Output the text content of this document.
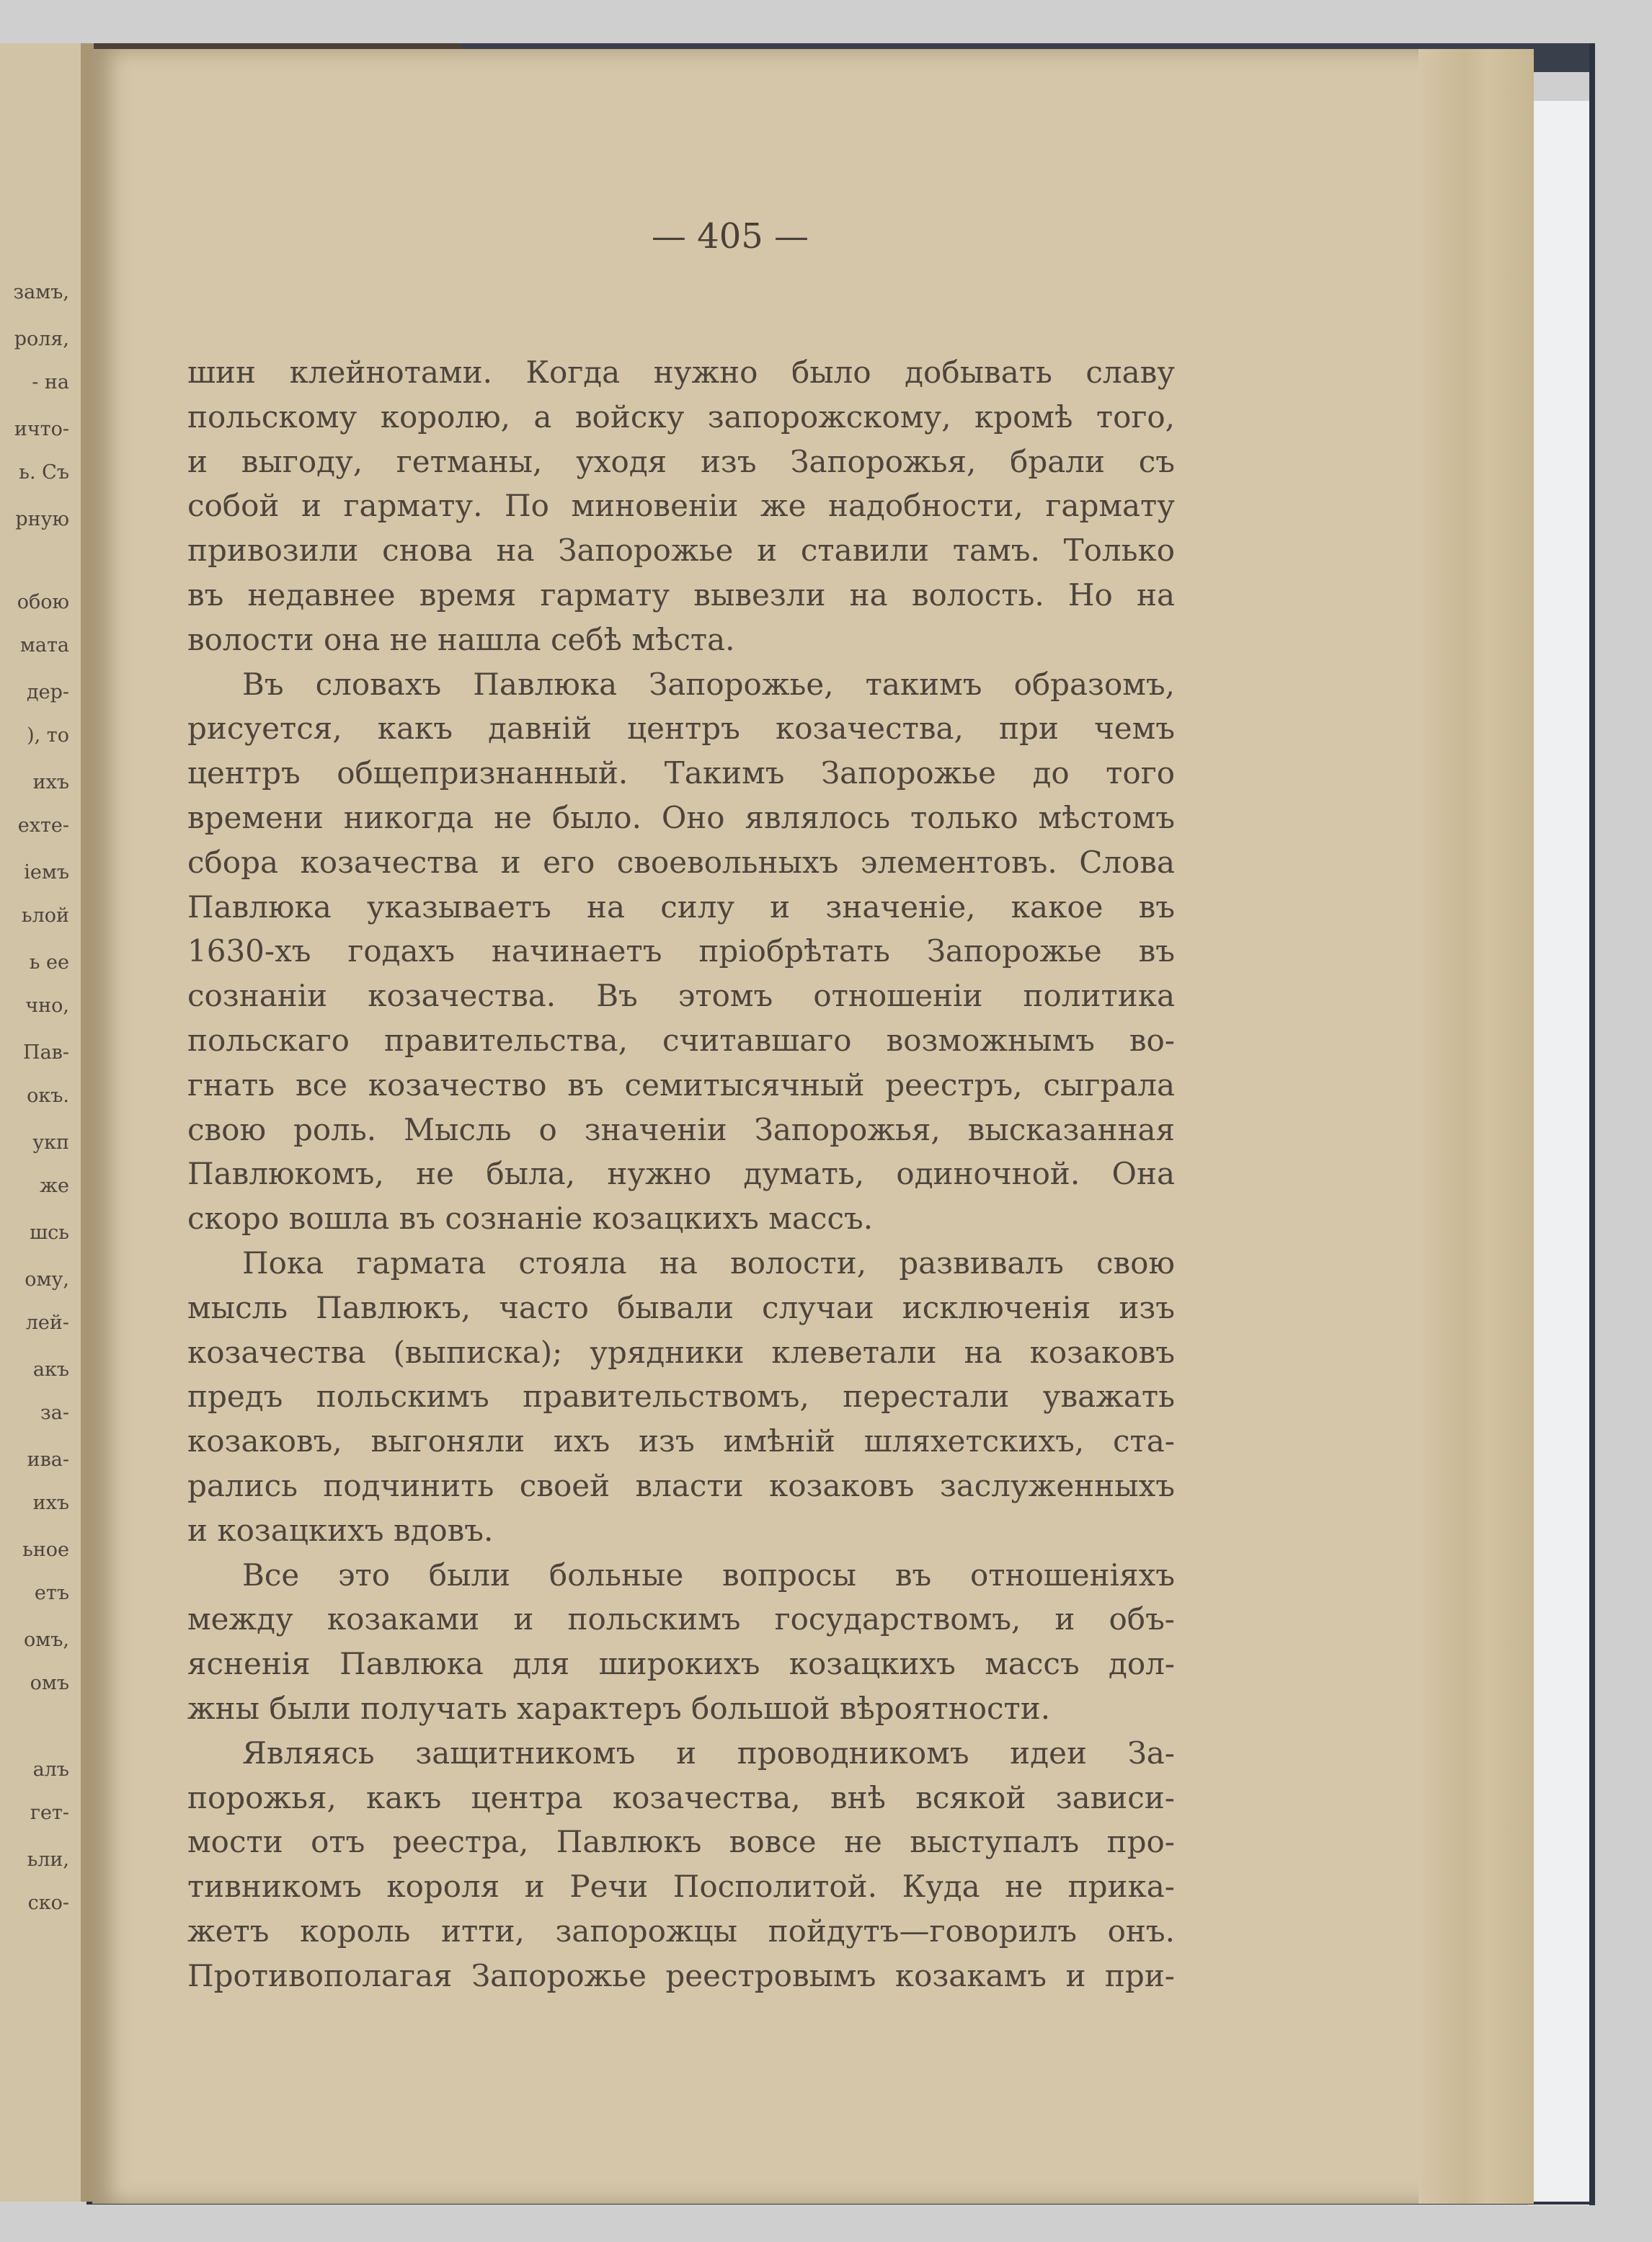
замъ,
роля,
- на
ичто-
ь. Съ
рную
обою
мата
дер-
), то
ихъ
ехте-
iемъ
ьлой
ь ее
чно,
Пав-
окъ.
укп
же
шсь
ому,
лей-
акъ
за-
ива-
ихъ
ьное
етъ
омъ,
омъ
алъ
гет-
ьли,
ско-
— 405 —
шин клейнотами. Когда нужно было добывать славу
польскому королю, а войску запорожскому, кромѣ того,
и выгоду, гетманы, уходя изъ Запорожья, брали съ
собой и гармату. По миновенiи же надобности, гармату
привозили снова на Запорожье и ставили тамъ. Только
въ недавнее время гармату вывезли на волость. Но на
волости она не нашла себѣ мѣста.
Въ словахъ Павлюка Запорожье, такимъ образомъ,
рисуется, какъ давнiй центръ козачества, при чемъ
центръ общепризнанный. Такимъ Запорожье до того
времени никогда не было. Оно являлось только мѣстомъ
сбора козачества и его своевольныхъ элементовъ. Слова
Павлюка указываетъ на силу и значенiе, какое въ
1630-хъ годахъ начинаетъ прiобрѣтать Запорожье въ
сознанiи козачества. Въ этомъ отношенiи политика
польскаго правительства, считавшаго возможнымъ во-
гнать все козачество въ семитысячный реестръ, сыграла
свою роль. Мысль о значенiи Запорожья, высказанная
Павлюкомъ, не была, нужно думать, одиночной. Она
скоро вошла въ сознанiе козацкихъ массъ.
Пока гармата стояла на волости, развивалъ свою
мысль Павлюкъ, часто бывали случаи исключенiя изъ
козачества (выписка); урядники клеветали на козаковъ
предъ польскимъ правительствомъ, перестали уважать
козаковъ, выгоняли ихъ изъ имѣнiй шляхетскихъ, ста-
рались подчинить своей власти козаковъ заслуженныхъ
и козацкихъ вдовъ.
Все это были больные вопросы въ отношенiяхъ
между козаками и польскимъ государствомъ, и объ-
ясненiя Павлюка для широкихъ козацкихъ массъ дол-
жны были получать характеръ большой вѣроятности.
Являясь защитникомъ и проводникомъ идеи За-
порожья, какъ центра козачества, внѣ всякой зависи-
мости отъ реестра, Павлюкъ вовсе не выступалъ про-
тивникомъ короля и Речи Посполитой. Куда не прика-
жетъ король итти, запорожцы пойдутъ—говорилъ онъ.
Противополагая Запорожье реестровымъ козакамъ и при-
